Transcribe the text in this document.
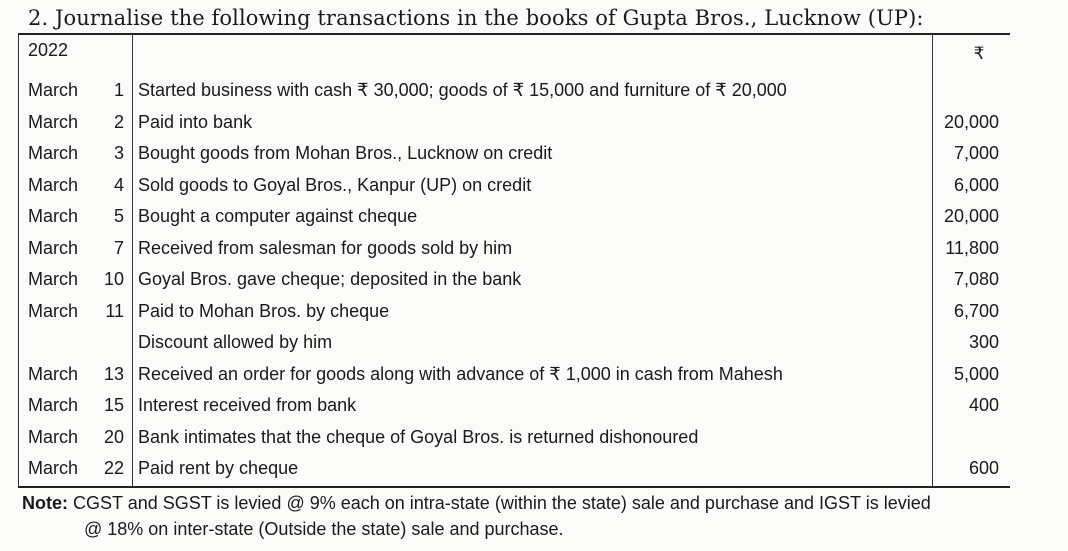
2. Journalise the following transactions in the books of Gupta Bros., Lucknow (UP):
2022	₹
March	1 Started business with cash ₹ 30,000; goods of ₹ 15,000 and furniture of ₹ 20,000
March	2 Paid into bank	20,000
March	3 Bought goods from Mohan Bros., Lucknow on credit	7,000
March	4 Sold goods to Goyal Bros., Kanpur (UP) on credit	6,000
March	5 Bought a computer against cheque	20,000
March	7 Received from salesman for goods sold by him	11,800
March	10 Goyal Bros. gave cheque; deposited in the bank	7,080
March	11 Paid to Mohan Bros. by cheque	6,700
Discount allowed by him	300
March	13 Received an order for goods along with advance of ₹ 1,000 in cash from Mahesh	5,000
March	15 Interest received from bank	400
March	20 Bank intimates that the cheque of Goyal Bros. is returned dishonoured
March	22 Paid rent by cheque	600
Note: CGST and SGST is levied @ 9% each on intra-state (within the state) sale and purchase and IGST is levied
@ 18% on inter-state (Outside the state) sale and purchase.
